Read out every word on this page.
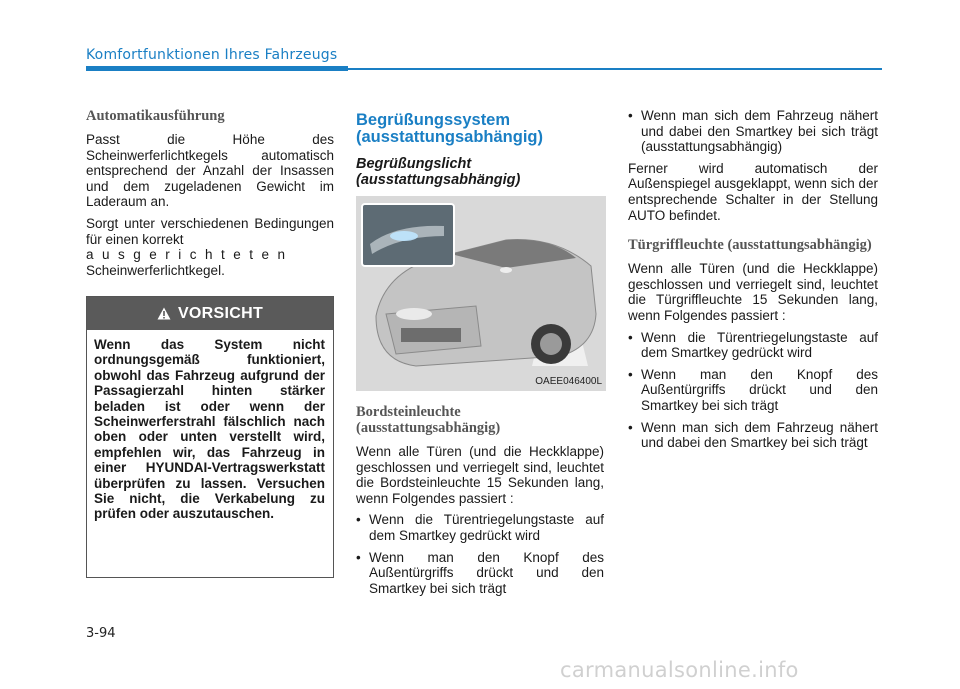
Komfortfunktionen Ihres Fahrzeugs
Automatikausführung

Passt die Höhe des Scheinwerferlichtkegels automatisch entsprechend der Anzahl der Insassen und dem zugeladenen Gewicht im Laderaum an.

Sorgt unter verschiedenen Bedingungen für einen korrekt

ausgerichteten

Scheinwerferlichtkegel.

VORSICHT
Wenn das System nicht ordnungsgemäß funktioniert, obwohl das Fahrzeug aufgrund der Passagierzahl hinten stärker beladen ist oder wenn der Scheinwerferstrahl fälschlich nach oben oder unten verstellt wird, empfehlen wir, das Fahrzeug in einer HYUNDAI-Vertragswerkstatt überprüfen zu lassen. Versuchen Sie nicht, die Verkabelung zu prüfen oder auszutauschen.
Begrüßungssystem (ausstattungsabhängig)
Begrüßungslicht (ausstattungsabhängig)
OAEE046400L
Bordsteinleuchte (ausstattungsabhängig)

Wenn alle Türen (und die Heckklappe) geschlossen und verriegelt sind, leuchtet die Bordsteinleuchte 15 Sekunden lang, wenn Folgendes passiert :

• Wenn die Türentriegelungstaste auf dem Smartkey gedrückt wird
• Wenn man den Knopf des Außentürgriffs drückt und den Smartkey bei sich trägt
• Wenn man sich dem Fahrzeug nähert und dabei den Smartkey bei sich trägt (ausstattungsabhängig)

Ferner wird automatisch der Außenspiegel ausgeklappt, wenn sich der entsprechende Schalter in der Stellung AUTO befindet.

Türgriffleuchte (ausstattungsabhängig)

Wenn alle Türen (und die Heckklappe) geschlossen und verriegelt sind, leuchtet die Türgriffleuchte 15 Sekunden lang, wenn Folgendes passiert :

• Wenn die Türentriegelungstaste auf dem Smartkey gedrückt wird
• Wenn man den Knopf des Außentürgriffs drückt und den Smartkey bei sich trägt
• Wenn man sich dem Fahrzeug nähert und dabei den Smartkey bei sich trägt
3-94
carmanualsonline.info
